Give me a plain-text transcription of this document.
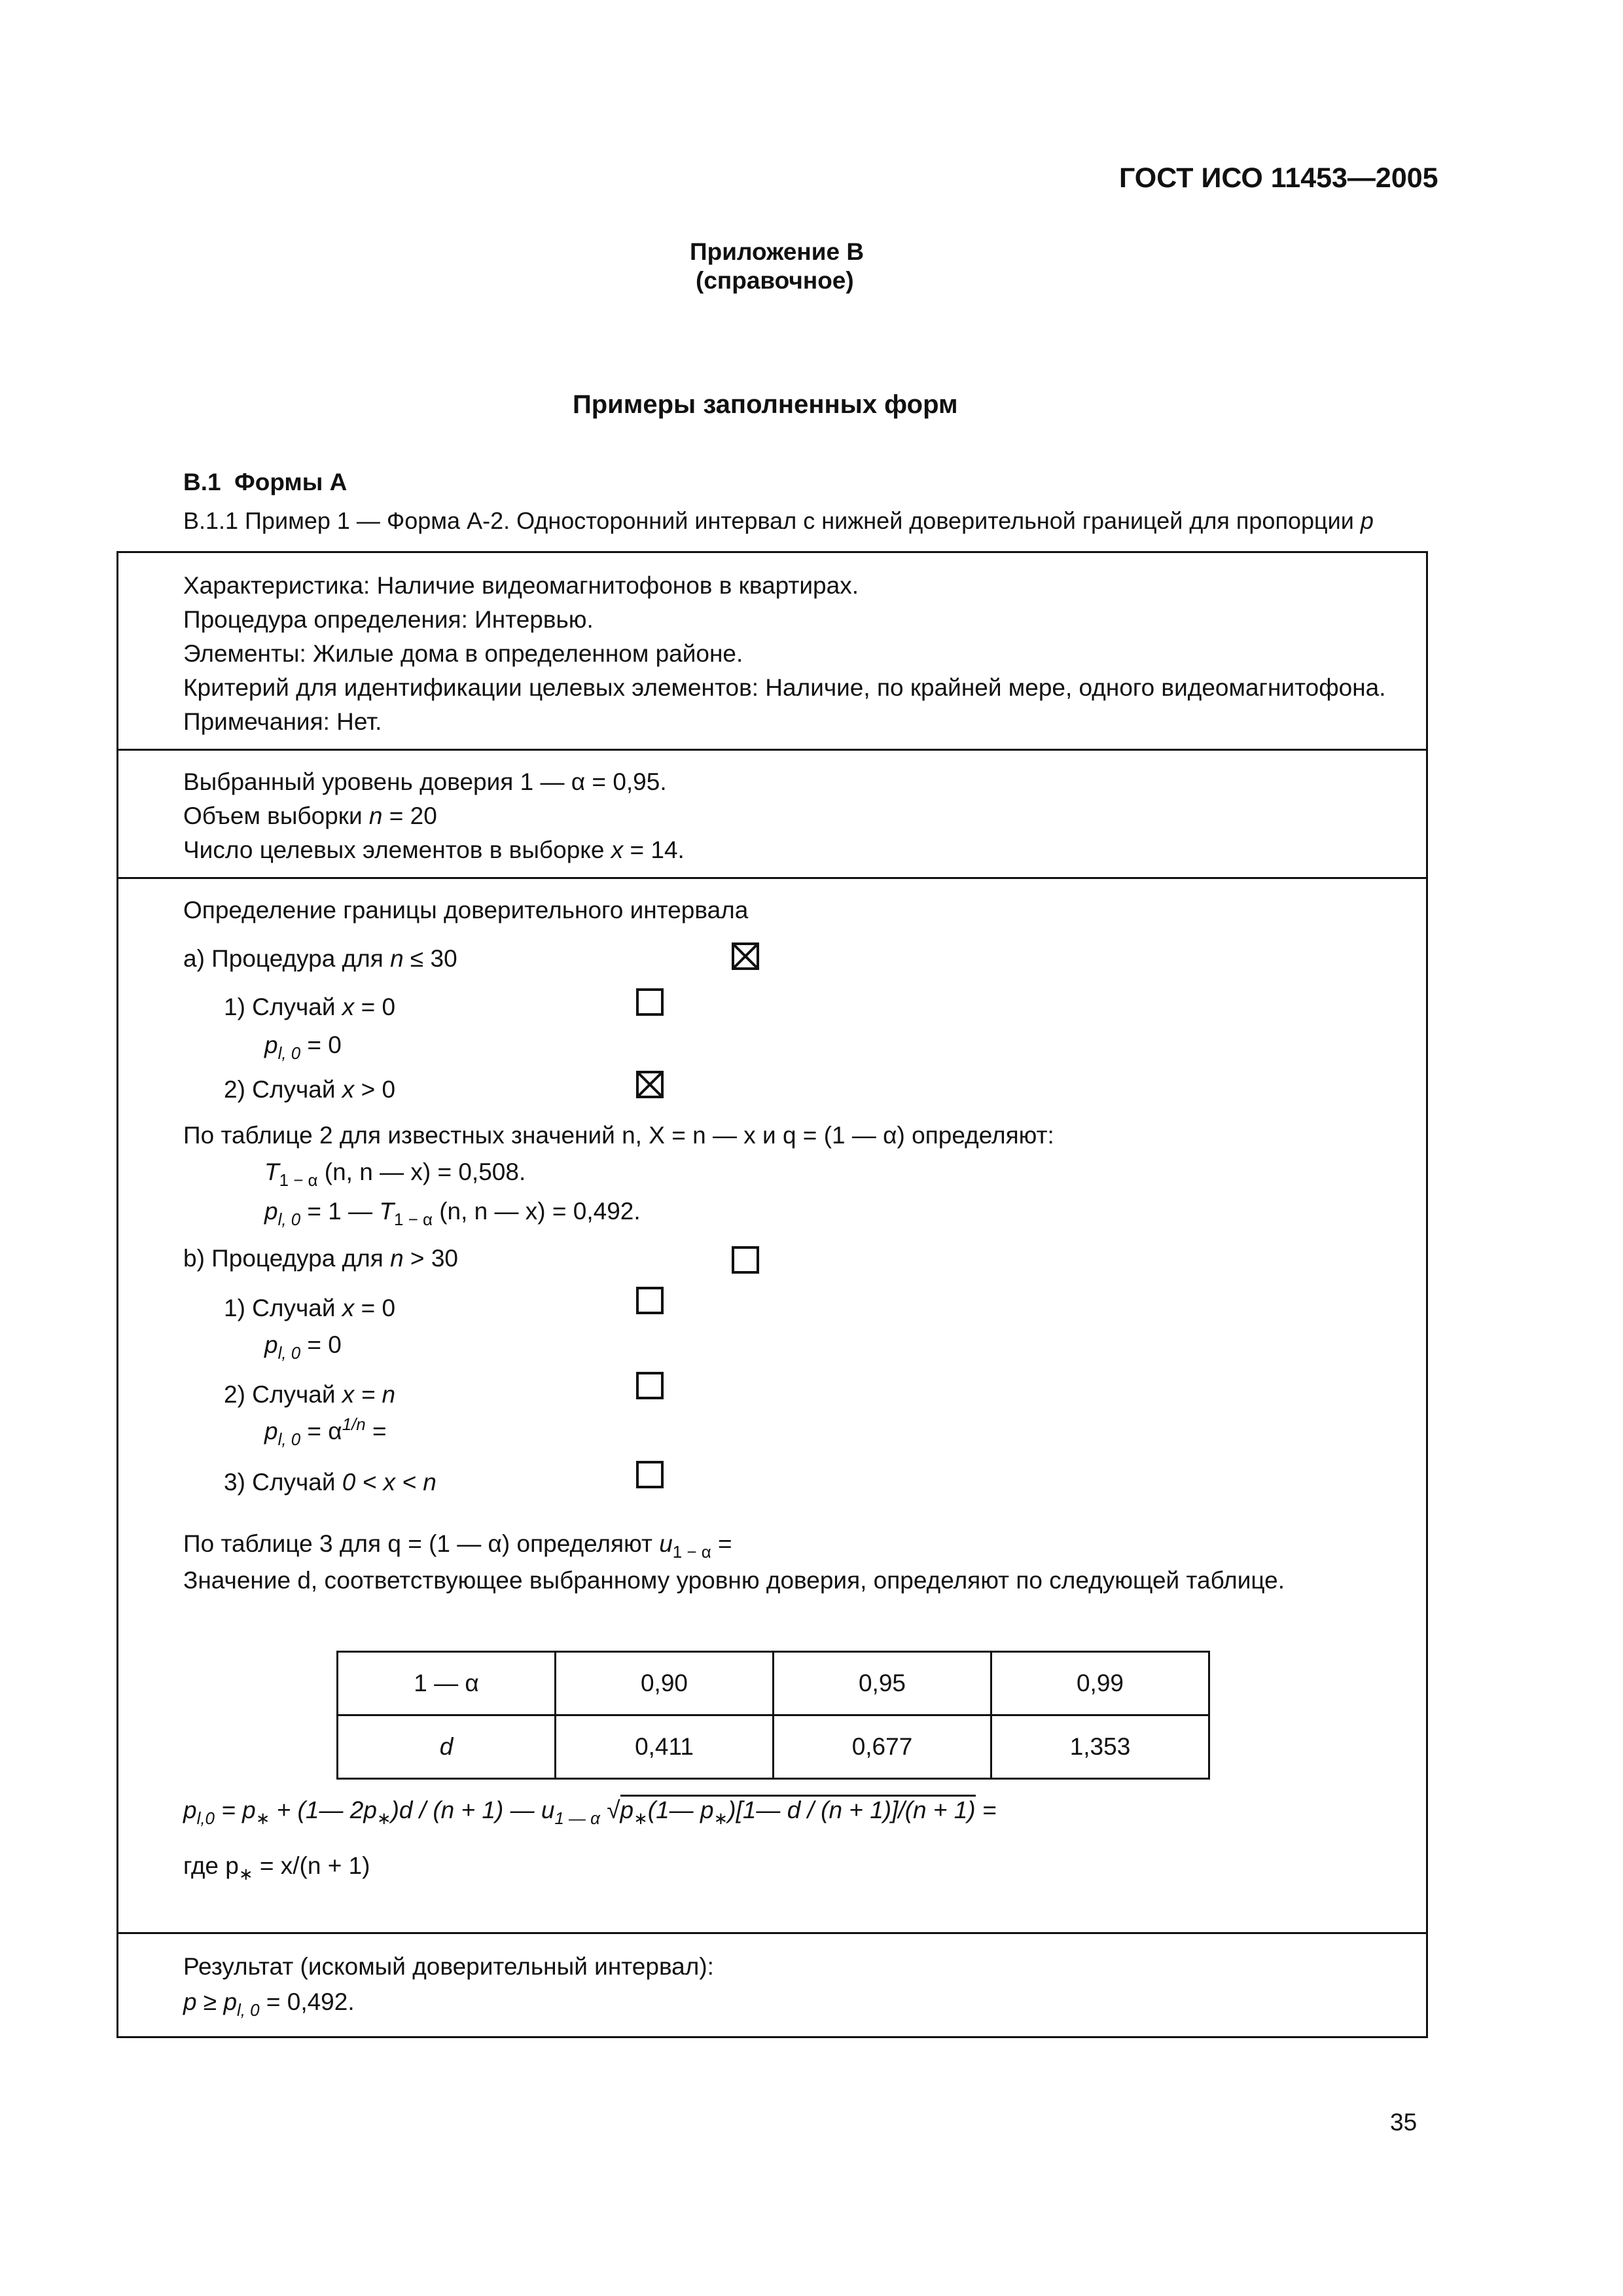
ГОСТ ИСО 11453—2005
Приложение В
(справочное)
Примеры заполненных форм
В.1 Формы А
В.1.1 Пример 1 — Форма А-2. Односторонний интервал с нижней доверительной границей для пропорции p
Характеристика: Наличие видеомагнитофонов в квартирах.
Процедура определения: Интервью.
Элементы: Жилые дома в определенном районе.
Критерий для идентификации целевых элементов: Наличие, по крайней мере, одного видеомагнитофона.
Примечания: Нет.
Выбранный уровень доверия 1 — α = 0,95.
Объем выборки n = 20
Число целевых элементов в выборке x = 14.
Определение границы доверительного интервала
a) Процедура для n ≤ 30
1) Случай x = 0
$p_{l, 0} = 0$
2) Случай x > 0
По таблице 2 для известных значений n, X = n — x и q = (1 — α) определяют:
$T_{1 - \alpha}$ (n, n — x) = 0,508.
$p_{l, 0} = 1$ — $T_{1 - \alpha}$ (n, n — x) = 0,492.
b) Процедура для n > 30
1) Случай x = 0
$p_{l, 0} = 0$
2) Случай x = n
$p_{l, 0} = \alpha^{1/n}$ =
3) Случай 0 < x < n
По таблице 3 для q = (1 — α) определяют $u_{1 - \alpha}$ =
Значение d, соответствующее выбранному уровню доверия, определяют по следующей таблице.
1 — α	0,90	0,95	0,99
d	0,411	0,677	1,353
$p_{l,0} = p_∗$ + (1— $2p_∗)d / (n + 1)$ — $u_{1 — \alpha}$ $√p_∗(1—$ $p_∗)[1—$ d / (n + 1)]/(n + 1) =
где $p_∗ = x/(n + 1)$
Результат (искомый доверительный интервал):
$p \ge p_{l, 0} = 0,492$.
35
